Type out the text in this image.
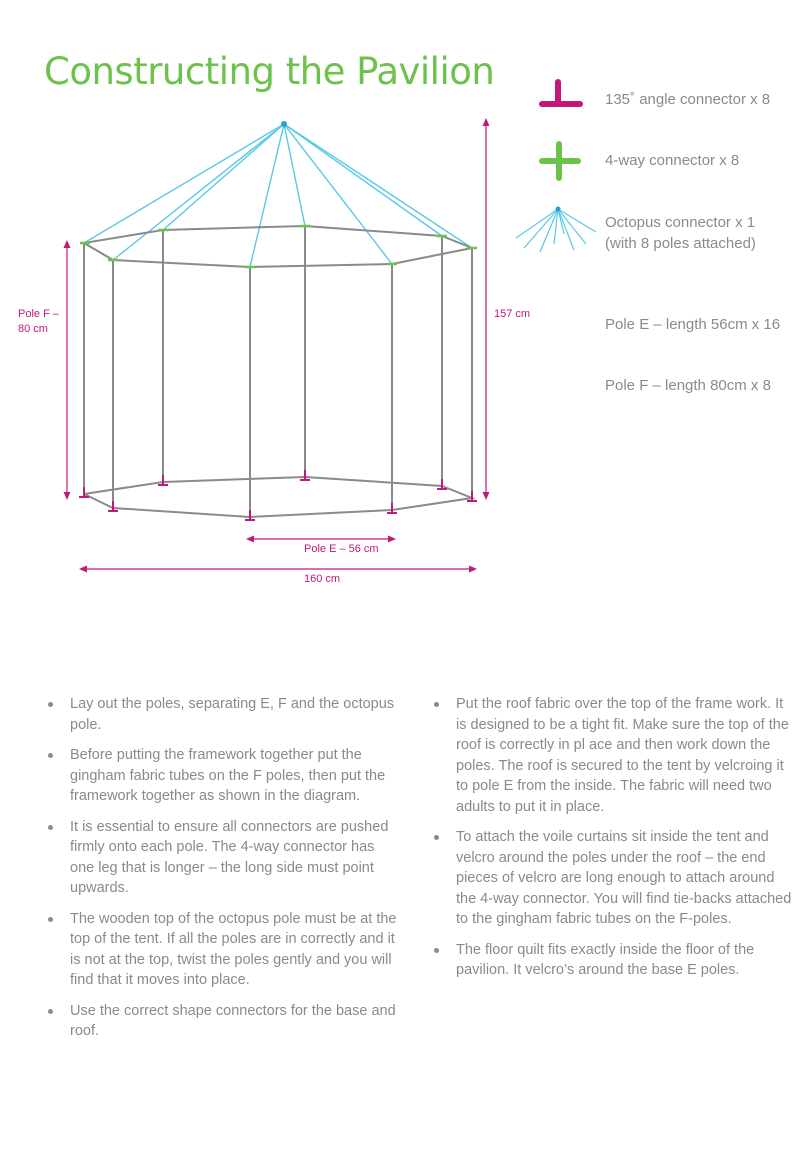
Constructing the Pavilion
Pole F –
80 cm
157 cm
Pole E – 56 cm
160 cm
135˚ angle connector x 8
4-way connector x 8
Octopus connector x 1
(with 8 poles attached)
Pole E – length 56cm x 16
Pole F – length 80cm x 8
Lay out the poles, separating E, F and the octopus pole.
Before putting the framework together put the gingham fabric tubes on the F poles, then put the framework together as shown in the diagram.
It is essential to ensure all connectors are pushed firmly onto each pole. The 4-way connector has one leg that is longer – the long side must point upwards.
The wooden top of the octopus pole must be at the top of the tent. If all the poles are in correctly and it is not at the top, twist the poles gently and you will find that it moves into place.
Use the correct shape connectors for the base and roof.
Put the roof fabric over the top of the frame work. It is designed to be a tight fit. Make sure the top of the roof is correctly in pl ace and then work down the poles. The roof is secured to the tent by velcroing it to pole E from the inside. The fabric will need two adults to put it in place.
To attach the voile curtains sit inside the tent and velcro around the poles under the roof – the end pieces of velcro are long enough to attach around the 4-way connector. You will find tie-backs attached to the gingham fabric tubes on the F-poles.
The floor quilt fits exactly inside the floor of the pavilion. It velcro’s around the base E poles.
